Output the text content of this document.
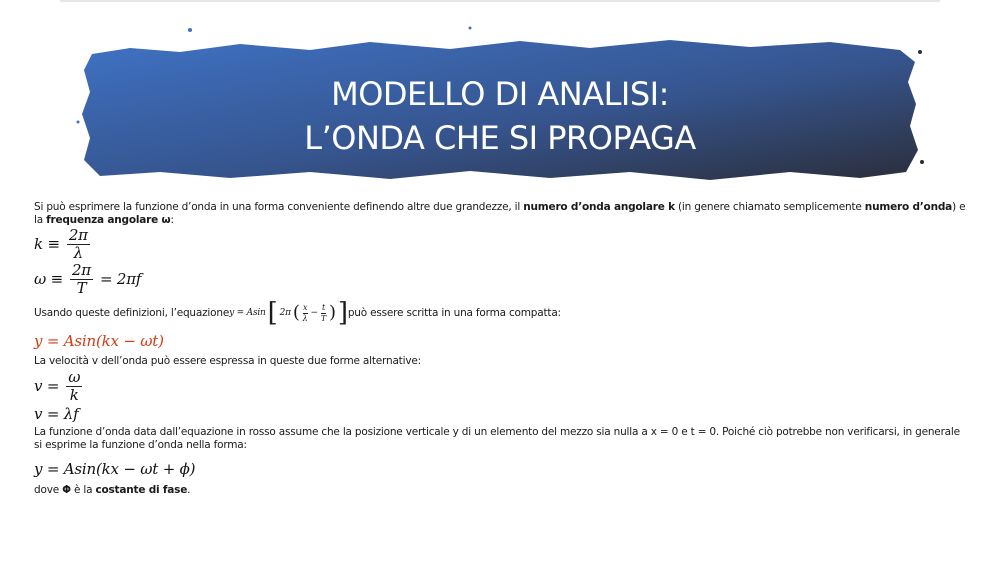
MODELLO DI ANALISI:
L’ONDA CHE SI PROPAGA

Si può esprimere la funzione d’onda in una forma conveniente definendo altre due grandezze, il numero d’onda angolare k (in genere chiamato semplicemente numero d’onda) e la frequenza angolare ω:

$k \equiv \frac{2\pi}{\lambda}$
$\omega \equiv \frac{2\pi}{T} = 2\pi f$
Usando queste definizioni, l’equazione y = Asin [ 2π ( $\frac{x}{\lambda} - \frac{t}{T}$ ) ] può essere scritta in una forma compatta:
y = Asin(kx − ωt)

La velocità v dell’onda può essere espressa in queste due forme alternative:

$v = \frac{\omega}{k}$
v = λf

La funzione d’onda data dall’equazione in rosso assume che la posizione verticale y di un elemento del mezzo sia nulla a x = 0 e t = 0. Poiché ciò potrebbe non verificarsi, in generale si esprime la funzione d’onda nella forma:

y = Asin(kx − ωt + ϕ)

dove Φ è la costante di fase.
